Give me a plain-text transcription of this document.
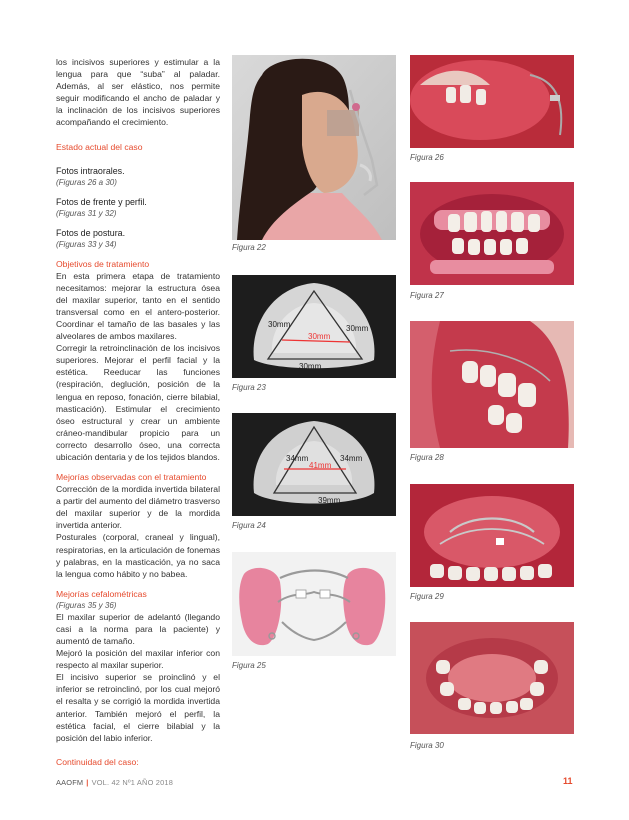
los incisivos superiores y estimular a la lengua para que “suba” al paladar. Además, al ser elástico, nos permite seguir modificando el ancho de paladar y la inclinación de los incisivos superiores acompañando el crecimiento.

Estado actual del caso

Fotos intraorales.

(Figuras 26 a 30)

Fotos de frente y perfil.

(Figuras 31 y 32)

Fotos de postura.

(Figuras 33 y 34)

Objetivos de tratamiento

En esta primera etapa de tratamiento necesitamos: mejorar la estructura ósea del maxilar superior, tanto en el sentido transversal como en el antero-posterior. Coordinar el tamaño de las basales y las alveolares de ambos maxilares.

Corregir la retroinclinación de los incisivos superiores. Mejorar el perfil facial y la estética. Reeducar las funciones (respiración, deglución, posición de la lengua en reposo, fonación, cierre bilabial, masticación). Estimular el crecimiento óseo estructural y crear un ambiente cráneo-mandibular propicio para un correcto desarrollo óseo, una correcta ubicación dentaria y de los tejidos blandos.

Mejorías observadas con el tratamiento

Corrección de la mordida invertida bilateral a partir del aumento del diámetro trasverso del maxilar superior y de la mordida invertida anterior.

Posturales (corporal, craneal y lingual), respiratorias, en la articulación de fonemas y palabras, en la masticación, ya no saca la lengua como hábito y no babea.

Mejorías cefalométricas

(Figuras 35 y 36)

El maxilar superior de adelantó (llegando casi a la norma para la paciente) y aumentó de tamaño.

Mejoró la posición del maxilar inferior con respecto al maxilar superior.

El incisivo superior se proinclinó y el inferior se retroinclinó, por los cual mejoró el resalta y se corrigió la mordida invertida anterior. También mejoró el perfil, la estética facial, el cierre bilabial y la posición del labio inferior.

Continuidad del caso:

Figura 22
30mm	30mm
30mm
30mm
Figura 23
34mm	34mm
41mm
39mm
Figura 24
Figura 25
Figura 26
Figura 27
Figura 28
Figura 29
Figura 30
AAOFM | VOL. 42 Nº1 AÑO 2018	11
